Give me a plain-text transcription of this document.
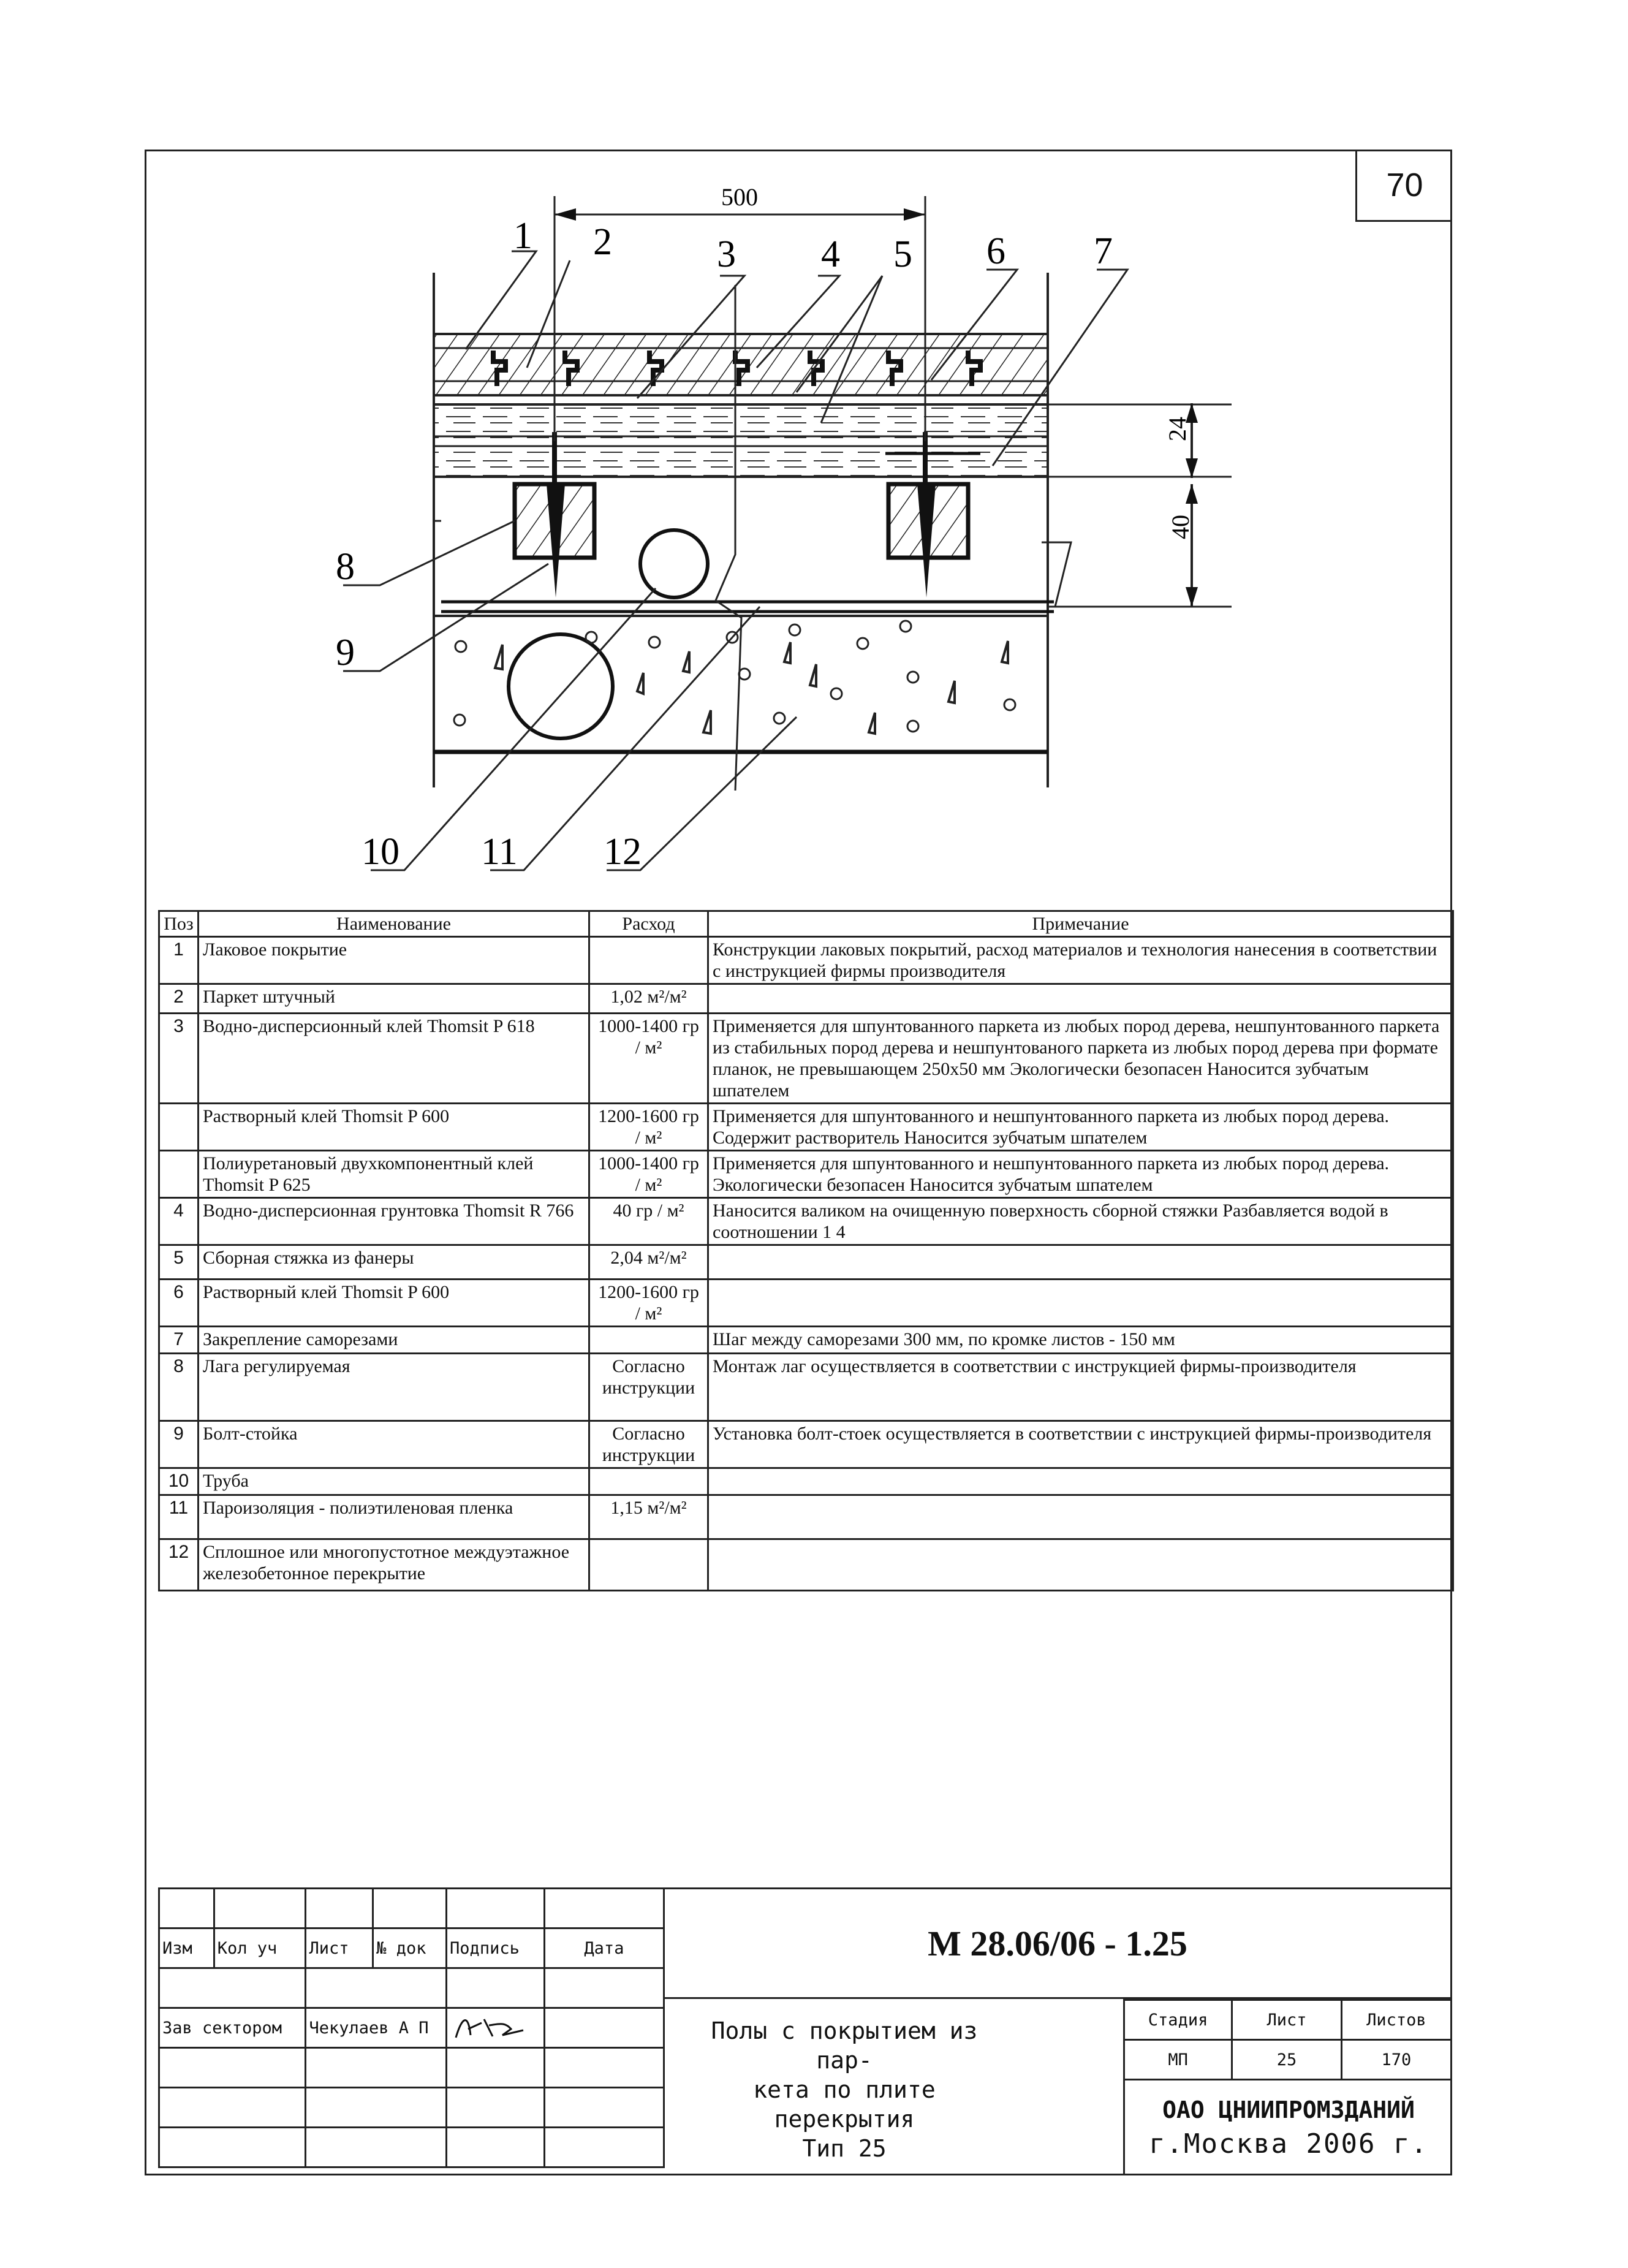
70
500
24
40
1 2	3 4 5 6 7
8
9
10 11 12
Поз	Наименование	Расход	Примечание
1	Лаковое покрытие		Конструкции лаковых покрытий, расход материалов и технология нанесения в соответствии с инструкцией фирмы производителя
2	Паркет штучный	1,02 м²/м²	
3	Водно-дисперсионный клей Thomsit P 618	1000-1400 гр / м²	Применяется для шпунтованного паркета из любых пород дерева, нешпунтованного паркета из стабильных пород дерева и нешпунтованого паркета из любых пород дерева при формате планок, не превышающем 250х50 мм Экологически безопасен Наносится зубчатым шпателем
	Растворный клей Thomsit P 600	1200-1600 гр / м²	Применяется для шпунтованного и нешпунтованного паркета из любых пород дерева. Содержит растворитель Наносится зубчатым шпателем
	Полиуретановый двухкомпонентный клей Thomsit P 625	1000-1400 гр / м²	Применяется для шпунтованного и нешпунтованного паркета из любых пород дерева. Экологически безопасен Наносится зубчатым шпателем
4	Водно-дисперсионная грунтовка Thomsit R 766	40 гр / м²	Наносится валиком на очищенную поверхность сборной стяжки Разбавляется водой в соотношении 1 4
5	Сборная стяжка из фанеры	2,04 м²/м²	
6	Растворный клей Thomsit P 600	1200-1600 гр / м²	
7	Закрепление саморезами		Шаг между саморезами 300 мм, по кромке листов - 150 мм
8	Лага регулируемая	Согласно инструкции	Монтаж лаг осуществляется в соответствии с инструкцией фирмы-производителя
9	Болт-стойка	Согласно инструкции	Установка болт-стоек осуществляется в соответствии с инструкцией фирмы-производителя
10	Труба		
11	Пароизоляция - полиэтиленовая пленка	1,15 м²/м²	
12	Сплошное или многопустотное междуэтажное железобетонное перекрытие		

Изм	Кол уч	Лист	№ док	Подпись	Дата

Зав сектором		Чекулаев А П		

М 28.06/06 - 1.25
Полы с покрытием из пар-
кета по плите перекрытия
Тип 25
Стадия	Лист	Листов
МП	25	170
ОАО ЦНИИПРОМЗДАНИЙ
г.Москва 2006 г.
